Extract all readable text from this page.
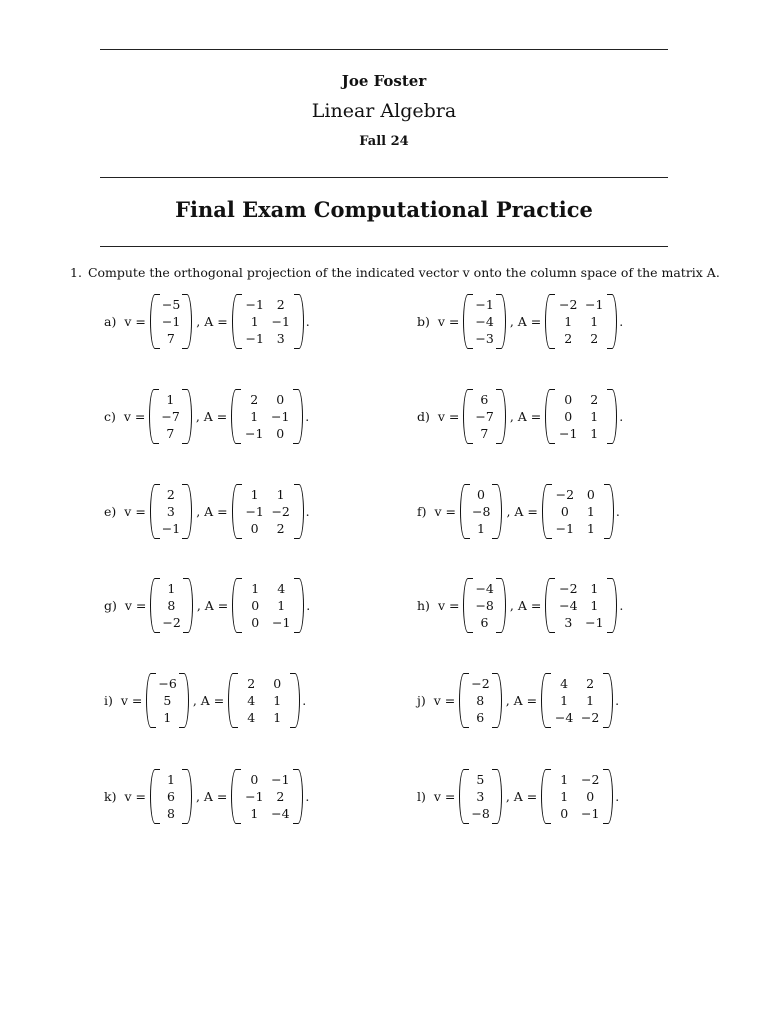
Joe Foster
Linear Algebra
Fall 24
Final Exam Computational Practice
1. Compute the orthogonal projection of the indicated vector v onto the column space of the matrix A.
a) v =
−5
−1
7
, A =
−1	2
1	−1
−1	3
.	b) v =
−1
−4
−3
, A =
−2 −1
1	1
2	2
.
c) v =
1
−7
7
, A =
2	0
1	−1
−1	0
.	d) v =
6
−7
7
, A =
0	2
0	1
−1	1
.
e) v =
2
3
−1
, A =
1	1
−1 −2
0	2
.	f) v =
0
−8
1
, A =
−2	0
0	1
−1	1
.
g) v =
1
8
−2
, A =
1	4
0	1
0	−1
.	h) v =
−4
−8
6
, A =
−2	1
−4	1
3	−1
.
i) v =
−6
5
1
, A =
2	0
4	1
4	1
.	j) v =
−2
8
6
, A =
4	2
1	1
−4 −2
.
k) v =
1
6
8
, A =
0	−1
−1	2
1	−4
.	l) v =
5
3
−8
, A =
1	−2
1	0
0	−1
.
